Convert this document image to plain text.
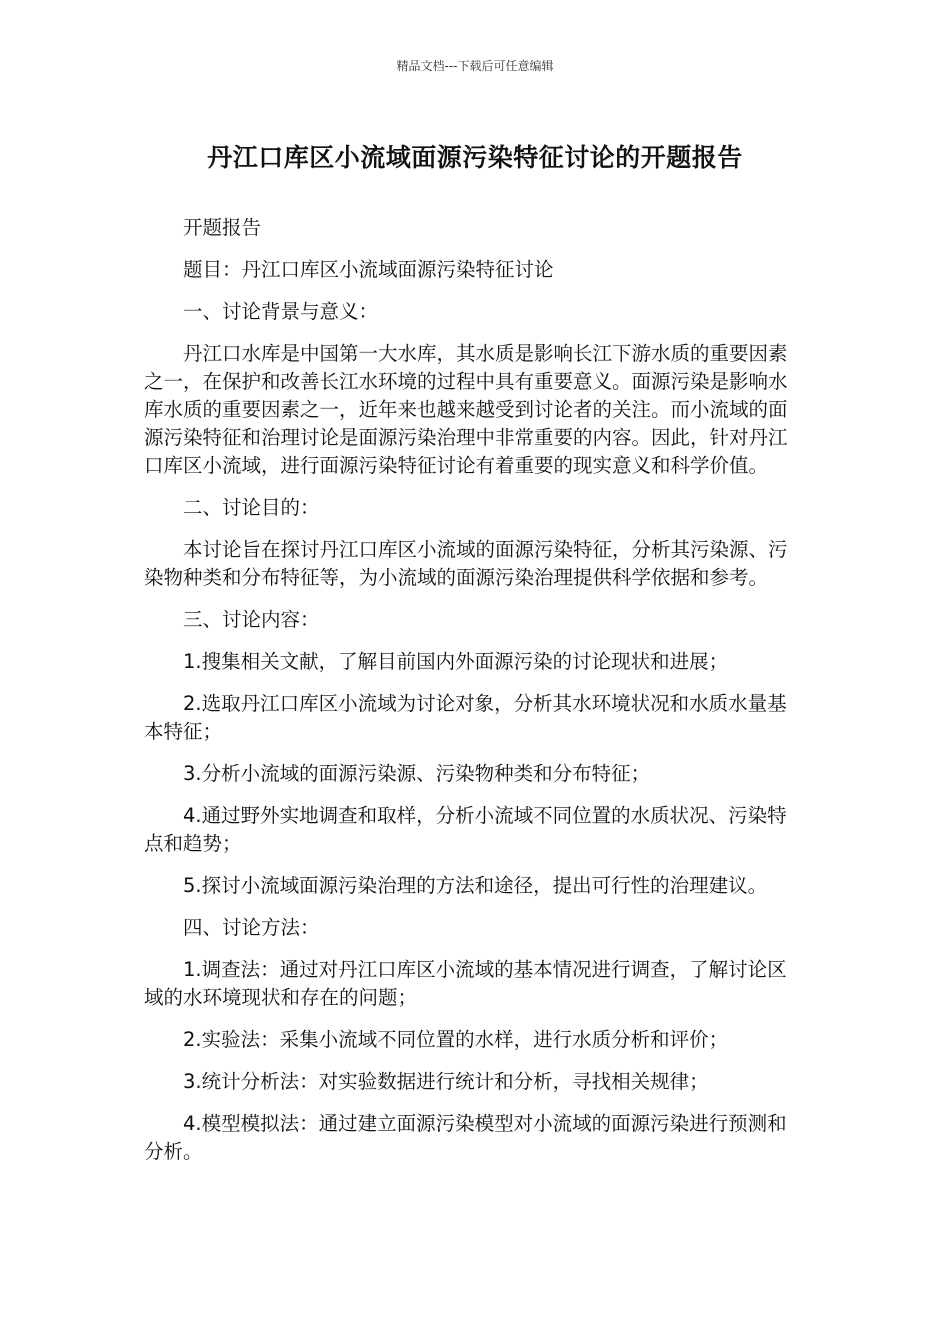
精品文档---下载后可任意编辑
丹江口库区小流域面源污染特征讨论的开题报告

开题报告

题目：丹江口库区小流域面源污染特征讨论

一、讨论背景与意义：

丹江口水库是中国第一大水库，其水质是影响长江下游水质的重要因素之一，在保护和改善长江水环境的过程中具有重要意义。面源污染是影响水库水质的重要因素之一，近年来也越来越受到讨论者的关注。而小流域的面源污染特征和治理讨论是面源污染治理中非常重要的内容。因此，针对丹江口库区小流域，进行面源污染特征讨论有着重要的现实意义和科学价值。

二、讨论目的：

本讨论旨在探讨丹江口库区小流域的面源污染特征，分析其污染源、污染物种类和分布特征等，为小流域的面源污染治理提供科学依据和参考。

三、讨论内容：

1.搜集相关文献，了解目前国内外面源污染的讨论现状和进展；

2.选取丹江口库区小流域为讨论对象，分析其水环境状况和水质水量基本特征；

3.分析小流域的面源污染源、污染物种类和分布特征；

4.通过野外实地调查和取样，分析小流域不同位置的水质状况、污染特点和趋势；

5.探讨小流域面源污染治理的方法和途径，提出可行性的治理建议。

四、讨论方法：

1.调查法：通过对丹江口库区小流域的基本情况进行调查，了解讨论区域的水环境现状和存在的问题；

2.实验法：采集小流域不同位置的水样，进行水质分析和评价；

3.统计分析法：对实验数据进行统计和分析，寻找相关规律；

4.模型模拟法：通过建立面源污染模型对小流域的面源污染进行预测和分析。
